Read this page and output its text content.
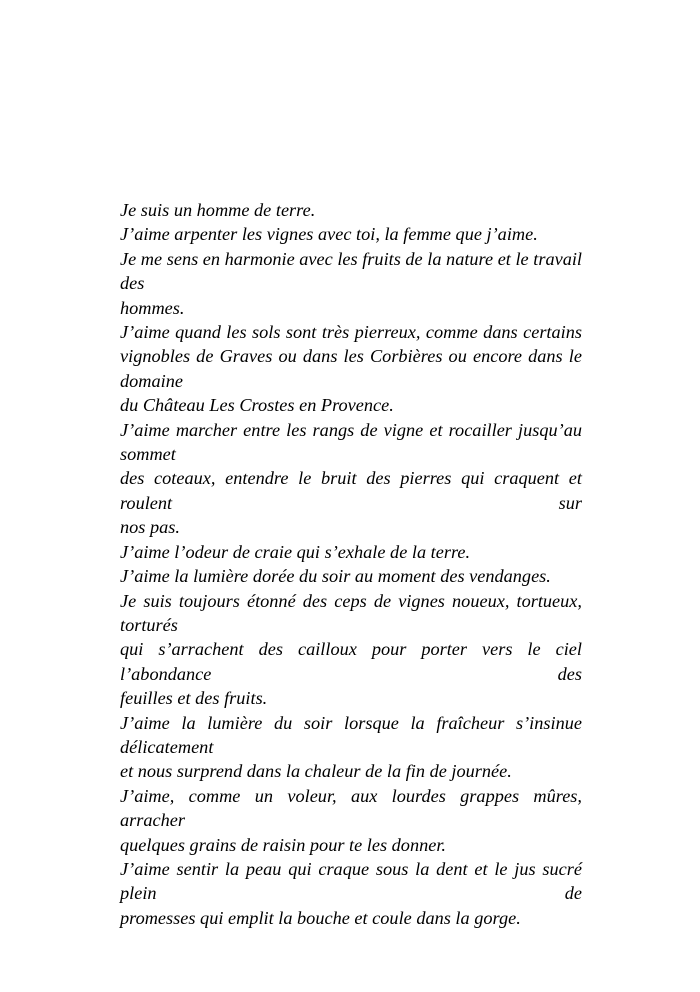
Je suis un homme de terre.
J’aime arpenter les vignes avec toi, la femme que j’aime.
Je me sens en harmonie avec les fruits de la nature et le travail des
hommes.
J’aime quand les sols sont très pierreux, comme dans certains
vignobles de Graves ou dans les Corbières ou encore dans le domaine
du Château Les Crostes en Provence.
J’aime marcher entre les rangs de vigne et rocailler jusqu’au sommet
des coteaux, entendre le bruit des pierres qui craquent et roulent sur
nos pas.
J’aime l’odeur de craie qui s’exhale de la terre.
J’aime la lumière dorée du soir au moment des vendanges.
Je suis toujours étonné des ceps de vignes noueux, tortueux, torturés
qui s’arrachent des cailloux pour porter vers le ciel l’abondance des
feuilles et des fruits.
J’aime la lumière du soir lorsque la fraîcheur s’insinue délicatement
et nous surprend dans la chaleur de la fin de journée.
J’aime, comme un voleur, aux lourdes grappes mûres, arracher
quelques grains de raisin pour te les donner.
J’aime sentir la peau qui craque sous la dent et le jus sucré plein de
promesses qui emplit la bouche et coule dans la gorge.
